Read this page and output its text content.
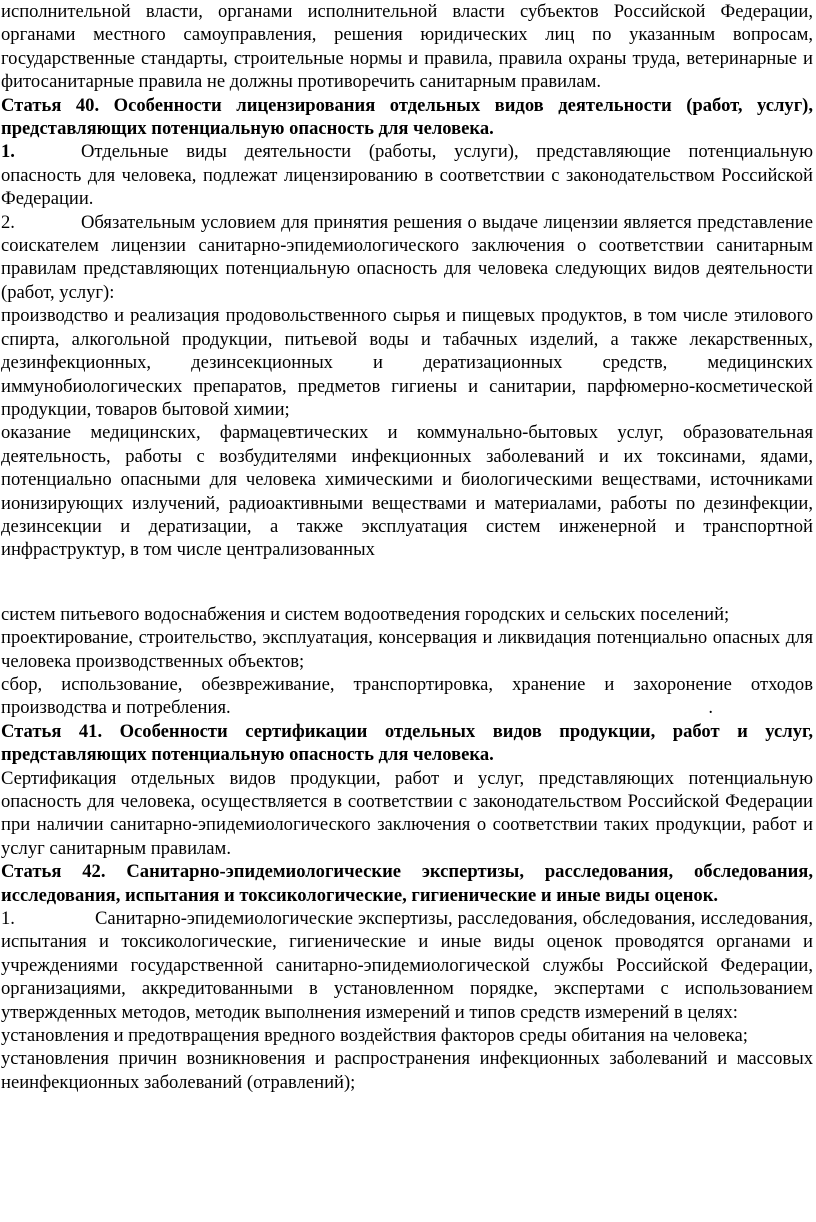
исполнительной власти, органами исполнительной власти субъектов Российской Федерации, органами местного самоуправления, решения юридических лиц по указанным вопросам, государственные стандарты, строительные нормы и правила, правила охраны труда, ветеринарные и фитосанитарные правила не должны противоречить санитарным правилам.

Статья 40. Особенности лицензирования отдельных видов деятельности (работ, услуг), представляющих потенциальную опасность для человека.

1.	Отдельные виды деятельности (работы, услуги), представляющие потенциальную опасность для человека, подлежат лицензированию в соответствии с законодательством Российской Федерации.

2.	Обязательным условием для принятия решения о выдаче лицензии является представление соискателем лицензии санитарно-эпидемиологического заключения о соответствии санитарным правилам представляющих потенциальную опасность для человека следующих видов деятельности (работ, услуг):

производство и реализация продовольственного сырья и пищевых продуктов, в том числе этилового спирта, алкогольной продукции, питьевой воды и табачных изделий, а также лекарственных, дезинфекционных, дезинсекционных и дератизационных средств, медицинских иммунобиологических препаратов, предметов гигиены и санитарии, парфюмерно-косметической продукции, товаров бытовой химии;

оказание медицинских, фармацевтических и коммунально-бытовых услуг, образовательная деятельность, работы с возбудителями инфекционных заболеваний и их токсинами, ядами, потенциально опасными для человека химическими и биологическими веществами, источниками ионизирующих излучений, радиоактивными веществами и материалами, работы по дезинфекции, дезинсекции и дератизации, а также эксплуатация систем инженерной и транспортной инфраструктур, в том числе централизованных

систем питьевого водоснабжения и систем водоотведения городских и сельских поселений;

проектирование, строительство, эксплуатация, консервация и ликвидация потенциально опасных для человека производственных объектов;

сбор, использование, обезвреживание, транспортировка, хранение и захоронение отходов производства и потребления.	.

Статья 41. Особенности сертификации отдельных видов продукции, работ и услуг, представляющих потенциальную опасность для человека.

Сертификация отдельных видов продукции, работ и услуг, представляющих потенциальную опасность для человека, осуществляется в соответствии с законодательством Российской Федерации при наличии санитарно-эпидемиологического заключения о соответствии таких продукции, работ и услуг санитарным правилам.

Статья 42. Санитарно-эпидемиологические экспертизы, расследования, обследования, исследования, испытания и токсикологические, гигиенические и иные виды оценок.

1.	Санитарно-эпидемиологические экспертизы, расследования, обследования, исследования, испытания и токсикологические, гигиенические и иные виды оценок проводятся органами и учреждениями государственной санитарно-эпидемиологической службы Российской Федерации, организациями, аккредитованными в установленном порядке, экспертами с использованием утвержденных методов, методик выполнения измерений и типов средств измерений в целях:

установления и предотвращения вредного воздействия факторов среды обитания на человека;

установления причин возникновения и распространения инфекционных заболеваний и массовых неинфекционных заболеваний (отравлений);
